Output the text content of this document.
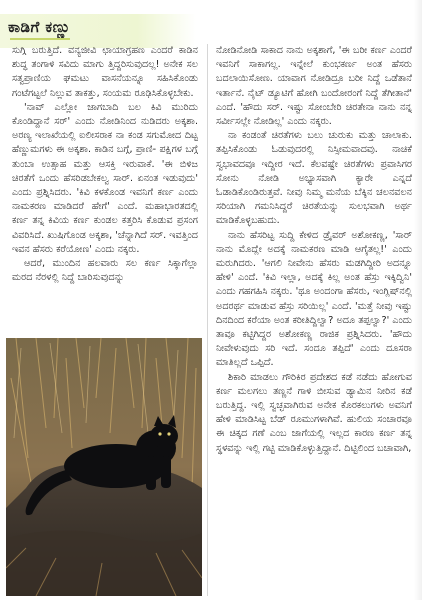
ಕಾಡಿಗೆ ಕಣ್ಣು

ಸುಗ್ಗಿ ಬರುತ್ತಿದೆ. ವನ್ಯಜೀವಿ ಛಾಯಾಗ್ರಹಣ ಎಂದರೆ ಕಾಡಿನ ಶುದ್ಧ ತಂಗಾಳಿ ಸವಿದು ಮಾಗು ತ್ತಿದ್ದರಿಸುವುದಲ್ಲ! ಅನೇಕ ಸಲ ಸತ್ವಪ್ರಾಣಿಯ ಘಮಟು ವಾಸನೆಯನ್ನೂ ಸಹಿಸಿಕೊಂಡು ಗಂಟೆಗಟ್ಟಲೆ ನಿಲ್ಲುವ ತಾಕತ್ತು, ಸಂಯಮ ರೂಢಿಸಿಕೊಳ್ಳಬೇಕು.

'ನಾವ್ ಎಲ್ಲೋ ಜಾಗಬಾದಿ ಬಲ ಕಿವಿ ಮುರಿದು ಕೊಂಡಿದ್ದಾನೆ ಸರ್' ಎಂದು ನೋಡಿನಿಂದ ನುಡಿದರು ಅಕ್ಕಶಾ. ಅರಣ್ಯ ಇಲಾಖೆಯಲ್ಲಿ ಐಲೀಸರಾಕ ನಾ ಕಂಡ ಸಗುಮೋದ ದಿಟ್ಟ ಹೆಣ್ಣುಮಗಳು ಈ ಅಕ್ಕಶಾ. ಕಾಡಿನ ಬಗ್ಗೆ, ಪ್ರಾಣಿ- ಪಕ್ಷಿಗಳ ಬಗ್ಗೆ ತುಂಬಾ ಉತ್ಸಾಹ ಮತ್ತು ಆಸಕ್ತಿ ಇರುವಾಕೆ. 'ಈ ಬಿಳಿಜ ಚಿರತೆಗೆ ಒಂದು ಹೆಸರಿಡಬೇಕಲ್ವ ಸಾರ್. ಏನಂತ ಇಡುವುದು' ಎಂದು ಪ್ರಶ್ನಿಸಿದರು. 'ಕಿವಿ ಕಳಕೊಂಡ ಇವನಿಗೆ ಕರ್ಣ ಎಂದು ನಾಮಕರಣ ಮಾಡಿದರೆ ಹೇಗೆ' ಎಂದೆ. ಮಹಾಭಾರತದಲ್ಲಿ ಕರ್ಣ ತನ್ನ ಕಿವಿಯ ಕರ್ಣ ಕುಂಡಲ ಕತ್ತರಿಸಿ ಕೊಡುವ ಪ್ರಸಂಗ ವಿವರಿಸಿದೆ. ಖುಷಿಗೊಂಡ ಅಕ್ಕಶಾ, 'ಚೆನ್ನಾಗಿದೆ ಸರ್. ಇವತ್ತಿಂದ ಇವನ ಹೆಸರು ಕರೆಯೋಣ' ಎಂದು ನಕ್ಕರು.

ಆದರೆ, ಮುಂದಿನ ಹಲವಾರು ಸಲ ಕರ್ಣ ಸಿಕ್ಕಾಗೆಲ್ಲಾ ಮರದ ನೆರಳಲ್ಲಿ ನಿದ್ದೆ ಬಾರಿಸುವುದನ್ನು

ನೋಡಿನೋಡಿ ಸಾಕಾದ ನಾನು ಅಕ್ಕಶಾಗೆ, 'ಈ ಬರೀ ಕರ್ಣ ಎಂದರೆ ಇವನಿಗೆ ಸಾಕಾಗಲ್ಲ. ಇನ್ನೇಲೆ ಕುಂಭಕರ್ಣ ಅಂತ ಹೆಸರು ಬದಲಾಯಿಸೋಣ. ಯಾವಾಗ ನೋಡಿದ್ರೂ ಬರೀ ನಿದ್ದೆ ಒಡೆತಾನೆ ಇರ್ತಾನೆ. ನೈಟ್ ಡ್ಯೂಟಿಗೆ ಹೋಗಿ ಬಂದೋರಂಗೆ ನಿದ್ದೆ ತೆಗೀತಾನೆ' ಎಂದೆ. 'ಹೌದು ಸರ್. ಇಷ್ಟು ಸೋಂಬೇರಿ ಚಿರತೇನಾ ನಾನು ನನ್ನ ಸರ್ವೀಸಲ್ಲೇ ನೋಡಿಲ್ಲ' ಎಂದು ನಕ್ಕರು.

ನಾ ಕಂಡಂತೆ ಚಿರತೆಗಳು ಬಲು ಚುರುಕು ಮತ್ತು ಚಾಲಾಕು. ತಪ್ಪಿಸಿಕೊಂಡು ಓಡುವುದರಲ್ಲಿ ನಿಸ್ಸೀಮವಾದವು. ನಾಚಿಕೆ ಸ್ವಭಾವದವೂ ಇದ್ದೀರ ಇದೆ. ಕೆಲವಷ್ಟೇ ಚಿರತೆಗಳು ಪ್ರವಾಸಿಗರ ಸೋನು ನೋಡಿ ಅಭ್ಯಾಸವಾಗಿ ಕ್ಯಾರೇ ಎನ್ನದೆ ಓಡಾಡಿಕೊಂಡಿರುತ್ತವೆ. ನೀವು ನಿಮ್ಮ ಮನೆಯ ಬೆಕ್ಕಿನ ಚಲನವಲನ ಸರಿಯಾಗಿ ಗಮನಿಸಿದ್ದರೆ ಚಿರತೆಯನ್ನು ಸುಲಭವಾಗಿ ಅರ್ಥ ಮಾಡಿಕೊಳ್ಳಬಹುದು.

ನಾನು ಹೆಸರಿಟ್ಟ ಸುದ್ದಿ ಕೇಳಿದ ಡ್ರೈವರ್ ಅಶೋಕಣ್ಣ, 'ಸಾರ್ ನಾನು ಮೊದ್ಲೇ ಅದಕ್ಕೆ ನಾಮಕರಣ ಮಾಡಿ ಆಗೈತಲ್ಲ!' ಎಂದು ಮರುಗಿದರು. 'ಆಗಲಿ ನೀವೇನು ಹೆಸರು ಮಡಗಿದ್ದೀರಿ ಅದನ್ನೂ ಹೇಳಿ' ಎಂದೆ. 'ಕಿವಿ ಇಲ್ಲಾ, ಅದಕ್ಕೆ ಕಿಲ್ಲ ಅಂತ ಹೆಸ್ರು ಇಕ್ಕಿದ್ವಿನಿ' ಎಂದು ಗಹಗಹಿಸಿ ನಕ್ಕರು. 'ಥೂ ಅಂದಂಗಾ ಹೆಸರು, ಇಂಗ್ಲಿಷ್‌ನಲ್ಲಿ ಅದರರ್ಥ ಮಾಡುವ ಹೆಸ್ರು ಸರಿಯಿಲ್ಲ' ಎಂದೆ. 'ಮತ್ತೆ ನೀವು ಇಷ್ಟು ದಿನದಿಂದ ಕರೆಯಾ ಅಂತ ಕರೀತಿದ್ದಿಲ್ವಾ? ಅದೂ ತಪ್ಪಲ್ವಾ?' ಎಂದು ತಾವೂ ಕಟ್ಟಿಗಿದ್ದರ ಅಶೋಕಣ್ಣ ರಾಜಿಕ ಪ್ರಶ್ನಿಸಿದರು. 'ಹೌದು ನೀವೇಳುವುದು ಸರಿ ಇದೆ. ಸಂದೂ ತಪ್ಪಿದೆ' ಎಂದು ದೂಸರಾ ಮಾತಿಲ್ಲದೆ ಒಪ್ಪಿದೆ.

ಶಿಕಾರಿ ಮಾಡಲು ಗೌರಿಕಿರ ಪ್ರದೇಶದ ಕಡೆ ನಡೆದು ಹೋಗುವ ಕರ್ಣ ಮಲಗಲು ತಣ್ಣನೆ ಗಾಳಿ ಬೀಸುವ ಡ್ಯಾಮಿನ ನೀರಿನ ಕಡೆ ಬರುತ್ತಿದ್ದ. ಇಲ್ಲಿ ಸ್ವಚ್ಛವಾಗಿರುವ ಅನೇಕ ಕೊರಕಲುಗಳು ಅವನಿಗೆ ಹೇಳಿ ಮಾಡಿಸಿಟ್ಟ ಬೆಡ್ ರೂಮುಗಳಾಗಿವೆ. ಹುಲಿಯ ಸಂಚಾರವೂ ಈ ಚಿಕ್ಕದ ಗಣೆ ಎಂಬ ಜಾಗೆಯಲ್ಲಿ ಇಲ್ಲದ ಕಾರಣ ಕರ್ಣ ತನ್ನ ಸ್ಥಳವನ್ನು ಇಲ್ಲಿ ಗಟ್ಟಿ ಮಾಡಿಕೊಳ್ಳುತ್ತಿದ್ದಾನೆ. ದಿಟ್ಟಿಲಿಂದ ಬಚಾವಾಗಿ,
